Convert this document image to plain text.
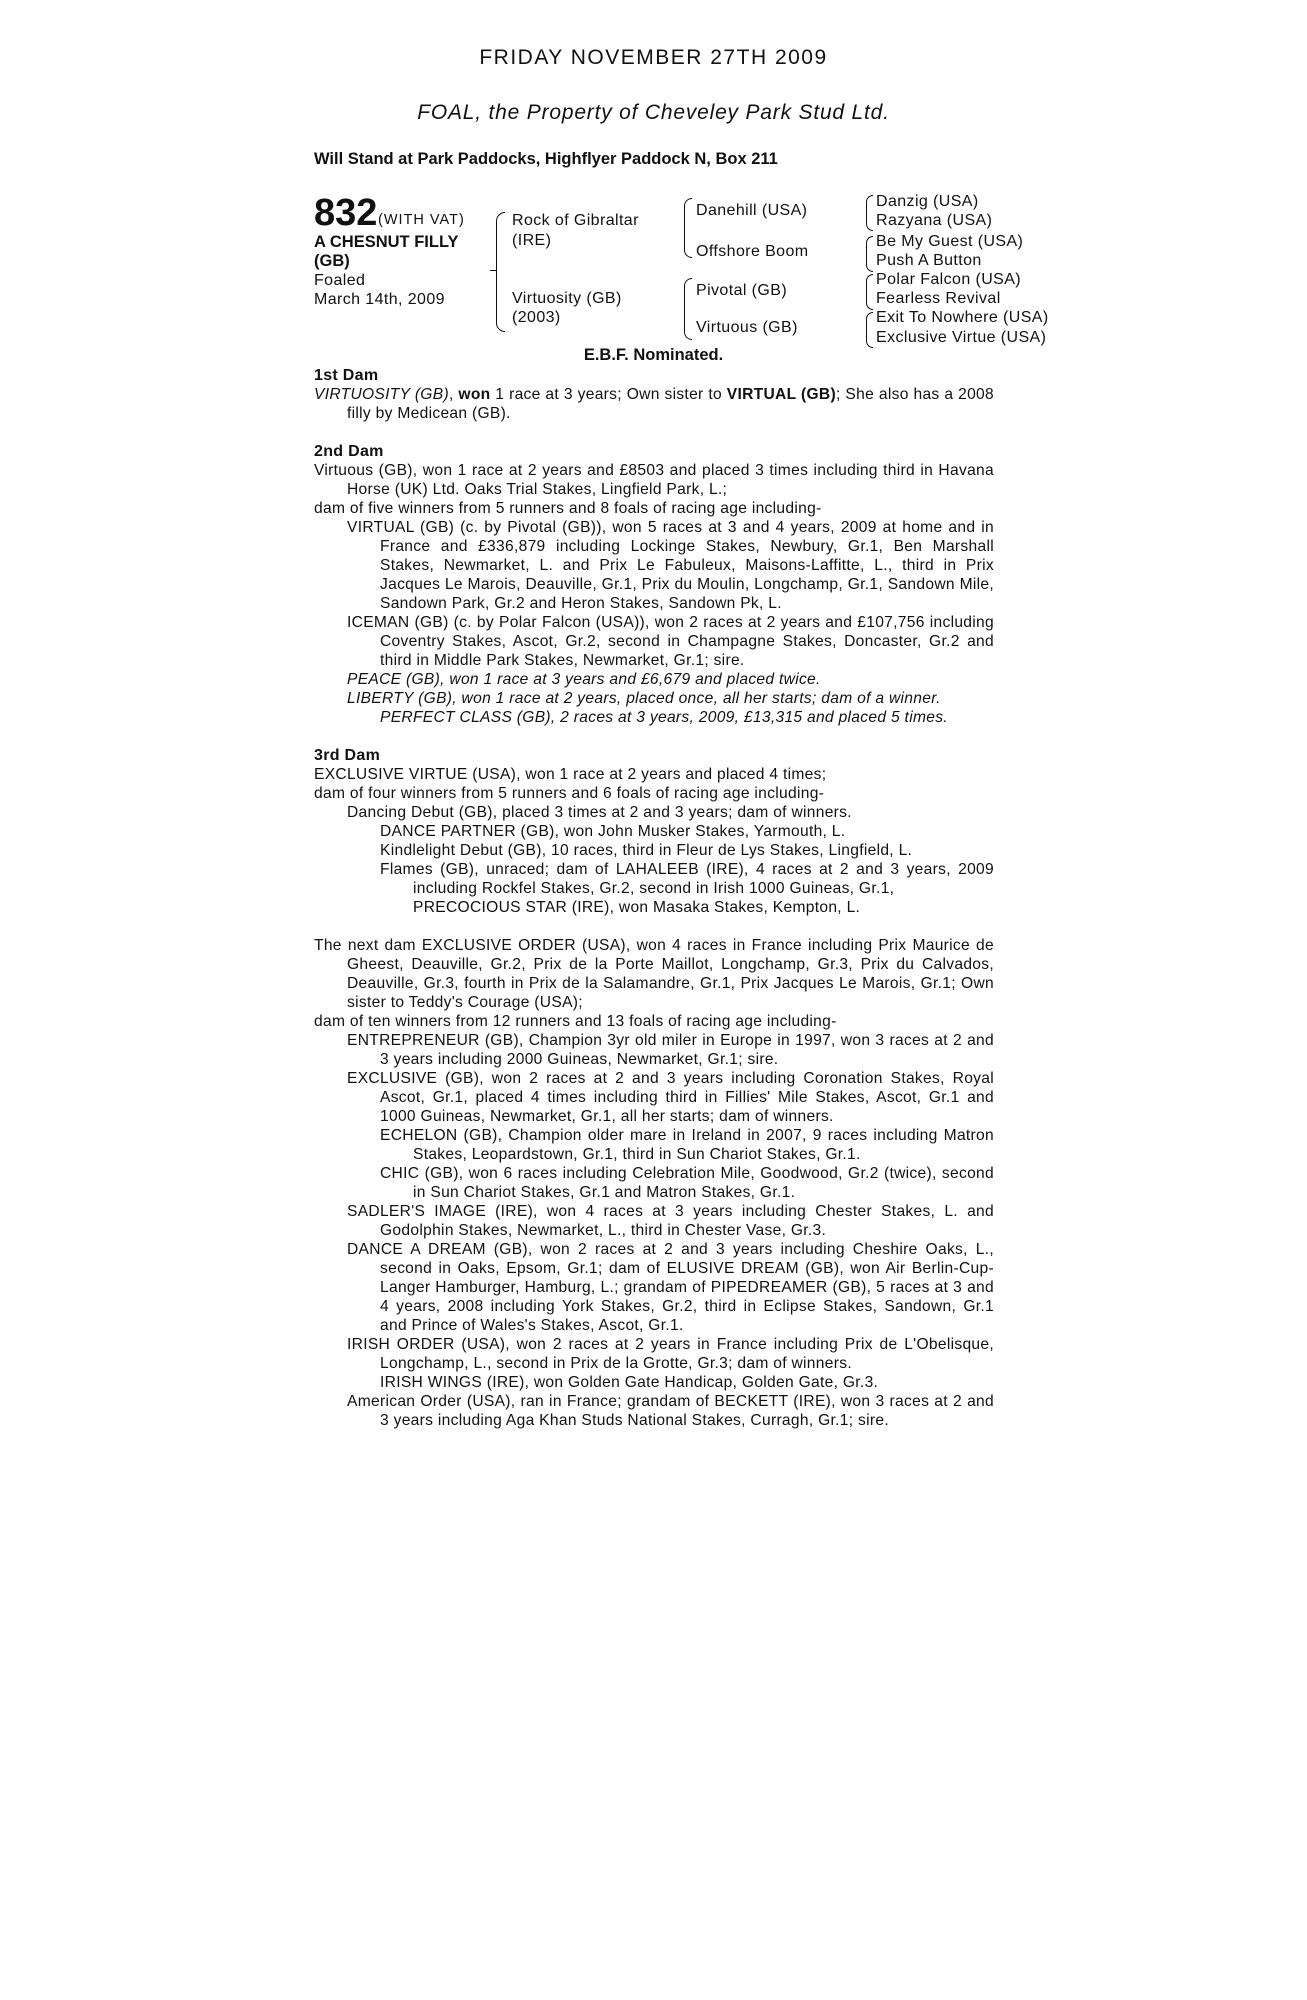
FRIDAY NOVEMBER 27TH 2009
FOAL, the Property of Cheveley Park Stud Ltd.
Will Stand at Park Paddocks, Highflyer Paddock N, Box 211
832 (WITH VAT)
A CHESNUT FILLY (GB)
Foaled
March 14th, 2009
Rock of Gibraltar
(IRE)
Virtuosity (GB)
(2003)
Danehill (USA)
Offshore Boom
Pivotal (GB)
Virtuous (GB)
Danzig (USA)
Razyana (USA)
Be My Guest (USA)
Push A Button
Polar Falcon (USA)
Fearless Revival
Exit To Nowhere (USA)
Exclusive Virtue (USA)
E.B.F. Nominated.
1st Dam
VIRTUOSITY (GB), won 1 race at 3 years; Own sister to VIRTUAL (GB); She also has a 2008 filly by Medicean (GB).
2nd Dam
Virtuous (GB), won 1 race at 2 years and £8503 and placed 3 times including third in Havana Horse (UK) Ltd. Oaks Trial Stakes, Lingfield Park, L.;
dam of five winners from 5 runners and 8 foals of racing age including-
VIRTUAL (GB) (c. by Pivotal (GB)), won 5 races at 3 and 4 years, 2009 at home and in France and £336,879 including Lockinge Stakes, Newbury, Gr.1, Ben Marshall Stakes, Newmarket, L. and Prix Le Fabuleux, Maisons-Laffitte, L., third in Prix Jacques Le Marois, Deauville, Gr.1, Prix du Moulin, Longchamp, Gr.1, Sandown Mile, Sandown Park, Gr.2 and Heron Stakes, Sandown Pk, L.
ICEMAN (GB) (c. by Polar Falcon (USA)), won 2 races at 2 years and £107,756 including Coventry Stakes, Ascot, Gr.2, second in Champagne Stakes, Doncaster, Gr.2 and third in Middle Park Stakes, Newmarket, Gr.1; sire.
PEACE (GB), won 1 race at 3 years and £6,679 and placed twice.
LIBERTY (GB), won 1 race at 2 years, placed once, all her starts; dam of a winner.
PERFECT CLASS (GB), 2 races at 3 years, 2009, £13,315 and placed 5 times.
3rd Dam
EXCLUSIVE VIRTUE (USA), won 1 race at 2 years and placed 4 times;
dam of four winners from 5 runners and 6 foals of racing age including-
Dancing Debut (GB), placed 3 times at 2 and 3 years; dam of winners.
DANCE PARTNER (GB), won John Musker Stakes, Yarmouth, L.
Kindlelight Debut (GB), 10 races, third in Fleur de Lys Stakes, Lingfield, L.
Flames (GB), unraced; dam of LAHALEEB (IRE), 4 races at 2 and 3 years, 2009 including Rockfel Stakes, Gr.2, second in Irish 1000 Guineas, Gr.1,
PRECOCIOUS STAR (IRE), won Masaka Stakes, Kempton, L.
The next dam EXCLUSIVE ORDER (USA), won 4 races in France including Prix Maurice de Gheest, Deauville, Gr.2, Prix de la Porte Maillot, Longchamp, Gr.3, Prix du Calvados, Deauville, Gr.3, fourth in Prix de la Salamandre, Gr.1, Prix Jacques Le Marois, Gr.1; Own sister to Teddy's Courage (USA);
dam of ten winners from 12 runners and 13 foals of racing age including-
ENTREPRENEUR (GB), Champion 3yr old miler in Europe in 1997, won 3 races at 2 and 3 years including 2000 Guineas, Newmarket, Gr.1; sire.
EXCLUSIVE (GB), won 2 races at 2 and 3 years including Coronation Stakes, Royal Ascot, Gr.1, placed 4 times including third in Fillies' Mile Stakes, Ascot, Gr.1 and 1000 Guineas, Newmarket, Gr.1, all her starts; dam of winners.
ECHELON (GB), Champion older mare in Ireland in 2007, 9 races including Matron Stakes, Leopardstown, Gr.1, third in Sun Chariot Stakes, Gr.1.
CHIC (GB), won 6 races including Celebration Mile, Goodwood, Gr.2 (twice), second in Sun Chariot Stakes, Gr.1 and Matron Stakes, Gr.1.
SADLER'S IMAGE (IRE), won 4 races at 3 years including Chester Stakes, L. and Godolphin Stakes, Newmarket, L., third in Chester Vase, Gr.3.
DANCE A DREAM (GB), won 2 races at 2 and 3 years including Cheshire Oaks, L., second in Oaks, Epsom, Gr.1; dam of ELUSIVE DREAM (GB), won Air Berlin-Cup-Langer Hamburger, Hamburg, L.; grandam of PIPEDREAMER (GB), 5 races at 3 and 4 years, 2008 including York Stakes, Gr.2, third in Eclipse Stakes, Sandown, Gr.1 and Prince of Wales's Stakes, Ascot, Gr.1.
IRISH ORDER (USA), won 2 races at 2 years in France including Prix de L'Obelisque, Longchamp, L., second in Prix de la Grotte, Gr.3; dam of winners.
IRISH WINGS (IRE), won Golden Gate Handicap, Golden Gate, Gr.3.
American Order (USA), ran in France; grandam of BECKETT (IRE), won 3 races at 2 and 3 years including Aga Khan Studs National Stakes, Curragh, Gr.1; sire.
